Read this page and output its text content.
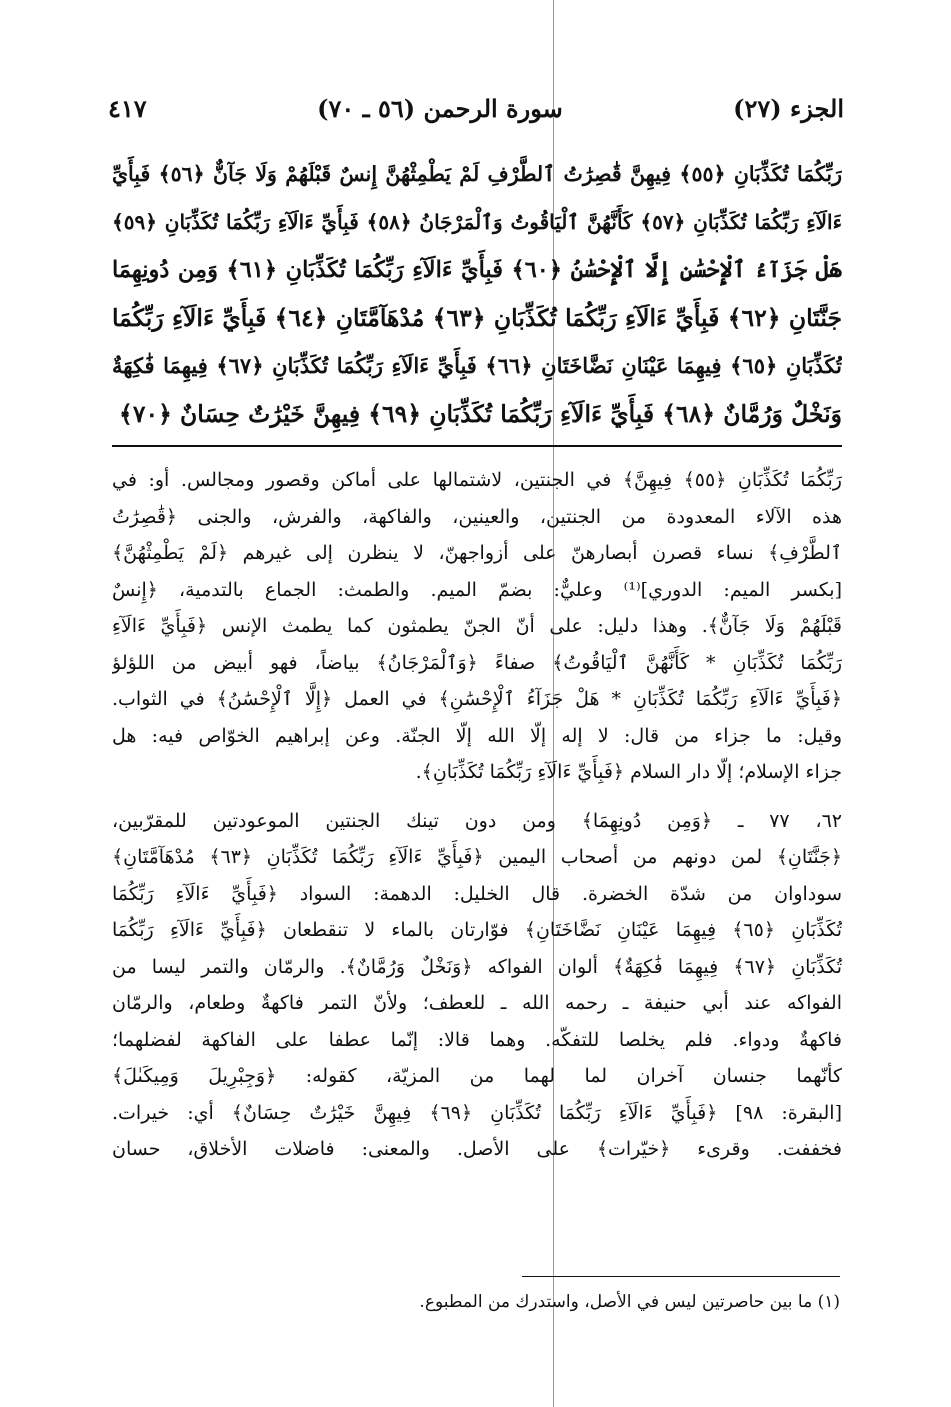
الجزء (٢٧)
سورة الرحمن (٥٦ ـ ٧٠)
٤١٧
رَبِّكُمَا تُكَذِّبَانِ ﴿٥٥﴾ فِيهِنَّ قَٰصِرَٰتُ ٱلطَّرْفِ لَمْ يَطْمِثْهُنَّ إِنسٌ قَبْلَهُمْ وَلَا جَآنٌّ ﴿٥٦﴾ فَبِأَيِّ
ءَالَآءِ رَبِّكُمَا تُكَذِّبَانِ ﴿٥٧﴾ كَأَنَّهُنَّ ٱلْيَاقُوتُ وَٱلْمَرْجَانُ ﴿٥٨﴾ فَبِأَيِّ ءَالَآءِ رَبِّكُمَا تُكَذِّبَانِ ﴿٥٩﴾
هَلْ جَزَآءُ ٱلْإِحْسَٰنِ إِلَّا ٱلْإِحْسَٰنُ ﴿٦٠﴾ فَبِأَيِّ ءَالَآءِ رَبِّكُمَا تُكَذِّبَانِ ﴿٦١﴾ وَمِن دُونِهِمَا
جَنَّتَانِ ﴿٦٢﴾ فَبِأَيِّ ءَالَآءِ رَبِّكُمَا تُكَذِّبَانِ ﴿٦٣﴾ مُدْهَآمَّتَانِ ﴿٦٤﴾ فَبِأَيِّ ءَالَآءِ رَبِّكُمَا
تُكَذِّبَانِ ﴿٦٥﴾ فِيهِمَا عَيْنَانِ نَضَّاخَتَانِ ﴿٦٦﴾ فَبِأَيِّ ءَالَآءِ رَبِّكُمَا تُكَذِّبَانِ ﴿٦٧﴾ فِيهِمَا فَٰكِهَةٌ
وَنَخْلٌ وَرُمَّانٌ ﴿٦٨﴾ فَبِأَيِّ ءَالَآءِ رَبِّكُمَا تُكَذِّبَانِ ﴿٦٩﴾ فِيهِنَّ خَيْرَٰتٌ حِسَانٌ ﴿٧٠﴾
رَبِّكُمَا تُكَذِّبَانِ ﴿٥٥﴾ فِيهِنَّ﴾ في الجنتين، لاشتمالها على أماكن وقصور ومجالس. أو: في
هذه الآلاء المعدودة من الجنتين، والعينين، والفاكهة، والفرش، والجنى ﴿قَٰصِرَٰتُ
ٱلطَّرْفِ﴾ نساء قصرن أبصارهنّ على أزواجهنّ، لا ينظرن إلى غيرهم ﴿لَمْ يَطْمِثْهُنَّ﴾
[بكسر الميم: الدوري]⁽¹⁾ وعليٌّ: بضمّ الميم. والطمث: الجماع بالتدمية، ﴿إِنسٌ
قَبْلَهُمْ وَلَا جَآنٌّ﴾. وهذا دليل: على أنّ الجنّ يطمثون كما يطمث الإنس ﴿فَبِأَيِّ ءَالَآءِ
رَبِّكُمَا تُكَذِّبَانِ * كَأَنَّهُنَّ ٱلْيَاقُوتُ﴾ صفاءً ﴿وَٱلْمَرْجَانُ﴾ بياضاً، فهو أبيض من اللؤلؤ
﴿فَبِأَيِّ ءَالَآءِ رَبِّكُمَا تُكَذِّبَانِ * هَلْ جَزَآءُ ٱلْإِحْسَٰنِ﴾ في العمل ﴿إِلَّا ٱلْإِحْسَٰنُ﴾ في الثواب.
وقيل: ما جزاء من قال: لا إله إلّا الله إلّا الجنّة. وعن إبراهيم الخوّاص فيه: هل
جزاء الإسلام؛ إلّا دار السلام ﴿فَبِأَيِّ ءَالَآءِ رَبِّكُمَا تُكَذِّبَانِ﴾.
٦٢، ٧٧ ـ ﴿وَمِن دُونِهِمَا﴾ ومن دون تينك الجنتين الموعودتين للمقرّبين،
﴿جَنَّتَانِ﴾ لمن دونهم من أصحاب اليمين ﴿فَبِأَيِّ ءَالَآءِ رَبِّكُمَا تُكَذِّبَانِ ﴿٦٣﴾ مُدْهَآمَّتَانِ﴾
سوداوان من شدّة الخضرة. قال الخليل: الدهمة: السواد ﴿فَبِأَيِّ ءَالَآءِ رَبِّكُمَا
تُكَذِّبَانِ ﴿٦٥﴾ فِيهِمَا عَيْنَانِ نَضَّاخَتَانِ﴾ فوّارتان بالماء لا تنقطعان ﴿فَبِأَيِّ ءَالَآءِ رَبِّكُمَا
تُكَذِّبَانِ ﴿٦٧﴾ فِيهِمَا فَٰكِهَةٌ﴾ ألوان الفواكه ﴿وَنَخْلٌ وَرُمَّانٌ﴾. والرمّان والتمر ليسا من
الفواكه عند أبي حنيفة ـ رحمه الله ـ للعطف؛ ولأنّ التمر فاكهةٌ وطعام، والرمّان
فاكهةٌ ودواء. فلم يخلصا للتفكّه. وهما قالا: إنّما عطفا على الفاكهة لفضلهما؛
كأنّهما جنسان آخران لما لهما من المزيّة، كقوله: ﴿وَجِبْرِيلَ وَمِيكَىٰلَ﴾
[البقرة: ٩٨] ﴿فَبِأَيِّ ءَالَآءِ رَبِّكُمَا تُكَذِّبَانِ ﴿٦٩﴾ فِيهِنَّ خَيْرَٰتٌ حِسَانٌ﴾ أي: خيرات.
فخففت. وقرىء ﴿خيّرات﴾ على الأصل. والمعنى: فاضلات الأخلاق، حسان
(١) ما بين حاصرتين ليس في الأصل، واستدرك من المطبوع.
